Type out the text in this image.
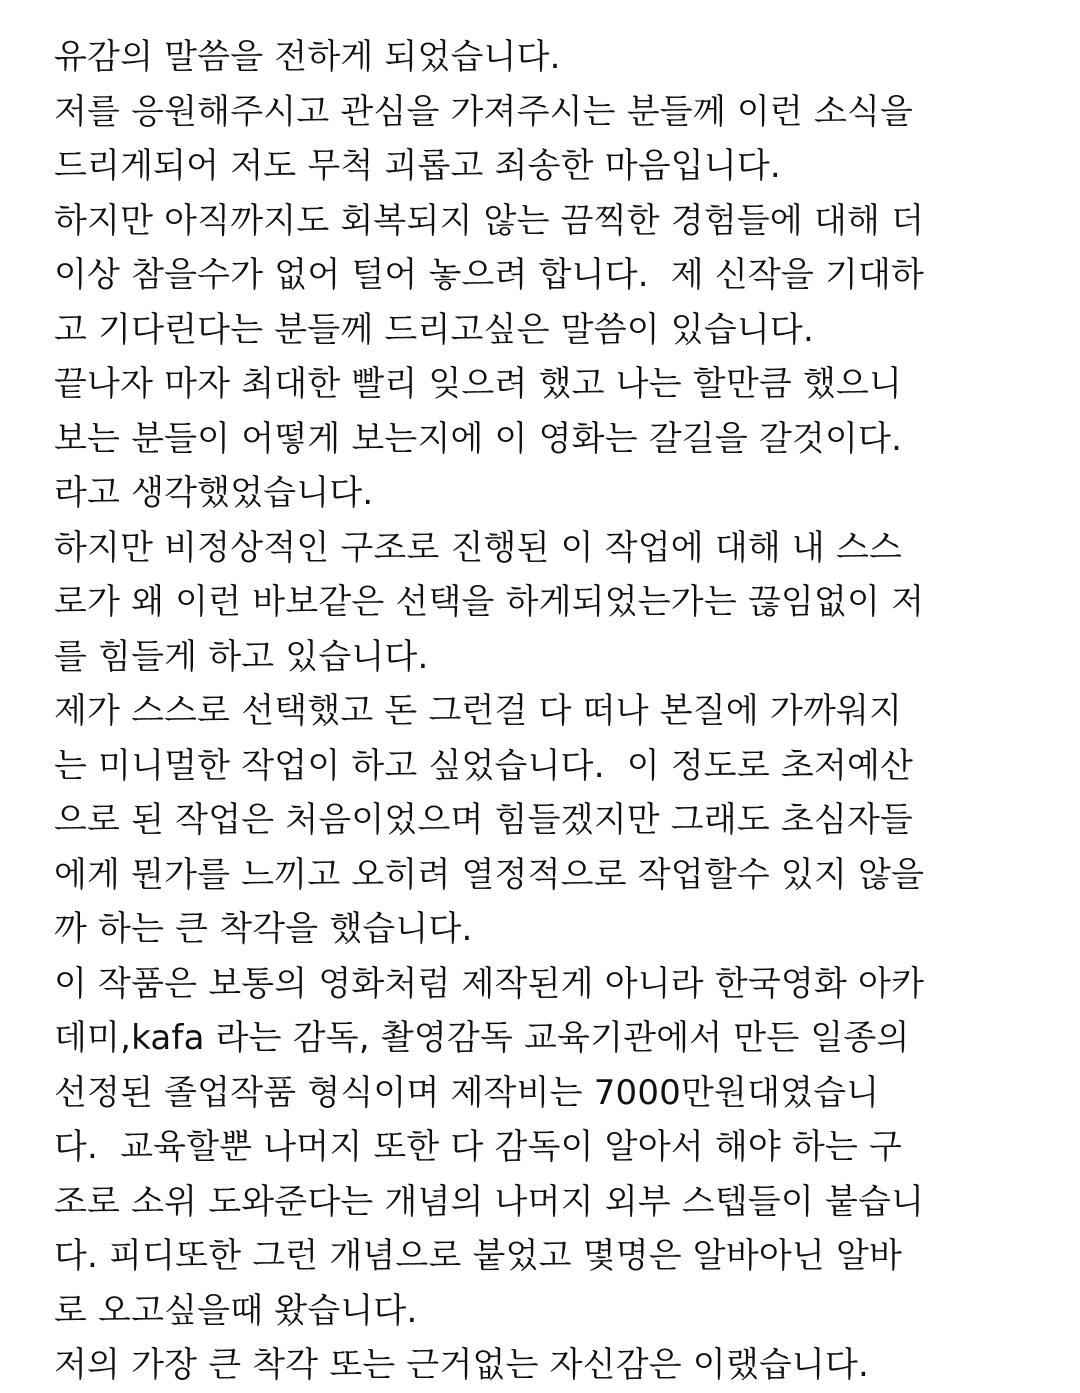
유감의 말씀을 전하게 되었습니다.
저를 응원해주시고 관심을 가져주시는 분들께 이런 소식을
드리게되어 저도 무척 괴롭고 죄송한 마음입니다.
하지만 아직까지도 회복되지 않는 끔찍한 경험들에 대해 더
이상 참을수가 없어 털어 놓으려 합니다.  제 신작을 기대하
고 기다린다는 분들께 드리고싶은 말씀이 있습니다.
끝나자 마자 최대한 빨리 잊으려 했고 나는 할만큼 했으니
보는 분들이 어떻게 보는지에 이 영화는 갈길을 갈것이다.
라고 생각했었습니다.
하지만 비정상적인 구조로 진행된 이 작업에 대해 내 스스
로가 왜 이런 바보같은 선택을 하게되었는가는 끊임없이 저
를 힘들게 하고 있습니다.
제가 스스로 선택했고 돈 그런걸 다 떠나 본질에 가까워지
는 미니멀한 작업이 하고 싶었습니다.  이 정도로 초저예산
으로 된 작업은 처음이었으며 힘들겠지만 그래도 초심자들
에게 뭔가를 느끼고 오히려 열정적으로 작업할수 있지 않을
까 하는 큰 착각을 했습니다.
이 작품은 보통의 영화처럼 제작된게 아니라 한국영화 아카
데미,kafa 라는 감독, 촬영감독 교육기관에서 만든 일종의
선정된 졸업작품 형식이며 제작비는 7000만원대였습니
다.  교육할뿐 나머지 또한 다 감독이 알아서 해야 하는 구
조로 소위 도와준다는 개념의 나머지 외부 스텝들이 붙습니
다. 피디또한 그런 개념으로 붙었고 몇명은 알바아닌 알바
로 오고싶을때 왔습니다.
저의 가장 큰 착각 또는 근거없는 자신감은 이랬습니다.
